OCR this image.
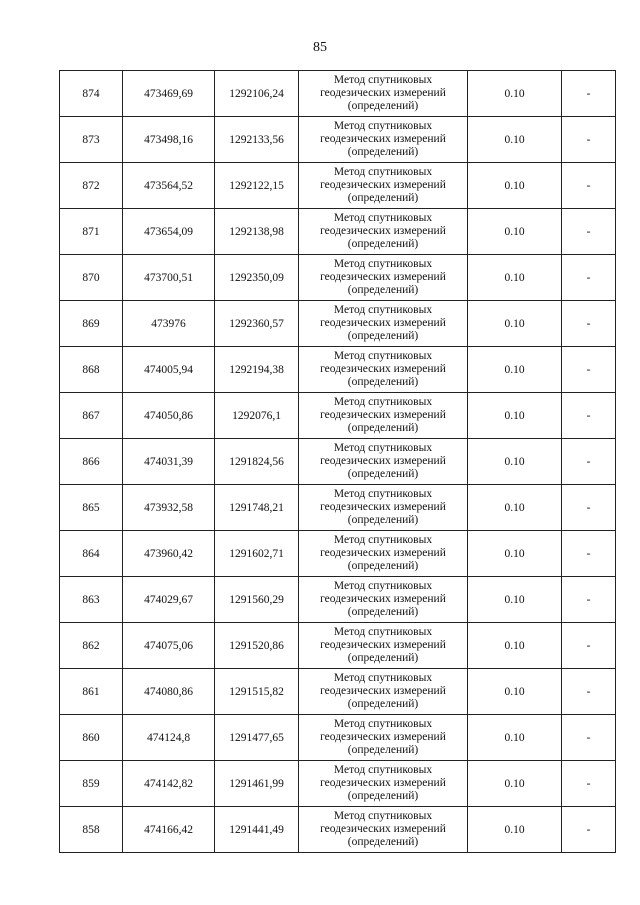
85
874	473469,69	1292106,24	Метод спутниковых
геодезических измерений
(определений)	0.10	-
873	473498,16	1292133,56	Метод спутниковых
геодезических измерений
(определений)	0.10	-
872	473564,52	1292122,15	Метод спутниковых
геодезических измерений
(определений)	0.10	-
871	473654,09	1292138,98	Метод спутниковых
геодезических измерений
(определений)	0.10	-
870	473700,51	1292350,09	Метод спутниковых
геодезических измерений
(определений)	0.10	-
869	473976	1292360,57	Метод спутниковых
геодезических измерений
(определений)	0.10	-
868	474005,94	1292194,38	Метод спутниковых
геодезических измерений
(определений)	0.10	-
867	474050,86	1292076,1	Метод спутниковых
геодезических измерений
(определений)	0.10	-
866	474031,39	1291824,56	Метод спутниковых
геодезических измерений
(определений)	0.10	-
865	473932,58	1291748,21	Метод спутниковых
геодезических измерений
(определений)	0.10	-
864	473960,42	1291602,71	Метод спутниковых
геодезических измерений
(определений)	0.10	-
863	474029,67	1291560,29	Метод спутниковых
геодезических измерений
(определений)	0.10	-
862	474075,06	1291520,86	Метод спутниковых
геодезических измерений
(определений)	0.10	-
861	474080,86	1291515,82	Метод спутниковых
геодезических измерений
(определений)	0.10	-
860	474124,8	1291477,65	Метод спутниковых
геодезических измерений
(определений)	0.10	-
859	474142,82	1291461,99	Метод спутниковых
геодезических измерений
(определений)	0.10	-
858	474166,42	1291441,49	Метод спутниковых
геодезических измерений
(определений)	0.10	-
